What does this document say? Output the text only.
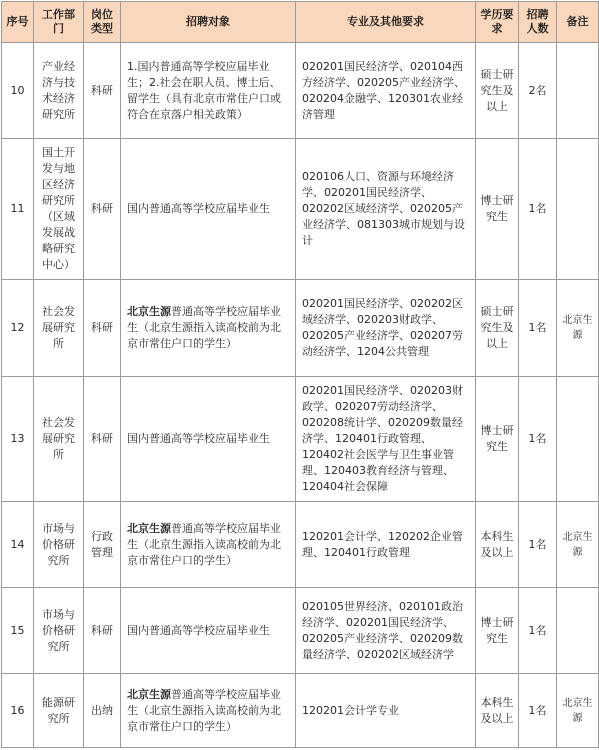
序号	工作部门	岗位类型	招聘对象	专业及其他要求	学历要求	招聘人数	备注
10	产业经济与技术经济研究所	科研	1.国内普通高等学校应届毕业生；2.社会在职人员、博士后、留学生（具有北京市常住户口或符合在京落户相关政策）	020201国民经济学、020104西方经济学、020205产业经济学、020204金融学、120301农业经济管理	硕士研究生及以上	2名	
11	国土开发与地区经济研究所（区域发展战略研究中心）	科研	国内普通高等学校应届毕业生	020106人口、资源与环境经济学、020201国民经济学、020202区域经济学、020205产业经济学、081303城市规划与设计	博士研究生	1名	
12	社会发展研究所	科研	北京生源普通高等学校应届毕业生（北京生源指入读高校前为北京市常住户口的学生）	020201国民经济学、020202区域经济学、020203财政学、020205产业经济学、020207劳动经济学、1204公共管理	硕士研究生及以上	1名	北京生源
13	社会发展研究所	科研	国内普通高等学校应届毕业生	020201国民经济学、020203财政学、020207劳动经济学、020208统计学、020209数量经济学、120401行政管理、120402社会医学与卫生事业管理、120403教育经济与管理、120404社会保障	博士研究生	1名	
14	市场与价格研究所	行政管理	北京生源普通高等学校应届毕业生（北京生源指入读高校前为北京市常住户口的学生）	120201会计学、120202企业管理、120401行政管理	本科生及以上	1名	北京生源
15	市场与价格研究所	科研	国内普通高等学校应届毕业生	020105世界经济、020101政治经济学、020201国民经济学、020205产业经济学、020209数量经济学、020202区域经济学	博士研究生	1名	
16	能源研究所	出纳	北京生源普通高等学校应届毕业生（北京生源指入读高校前为北京市常住户口的学生）	120201会计学专业	本科生及以上	1名	北京生源
